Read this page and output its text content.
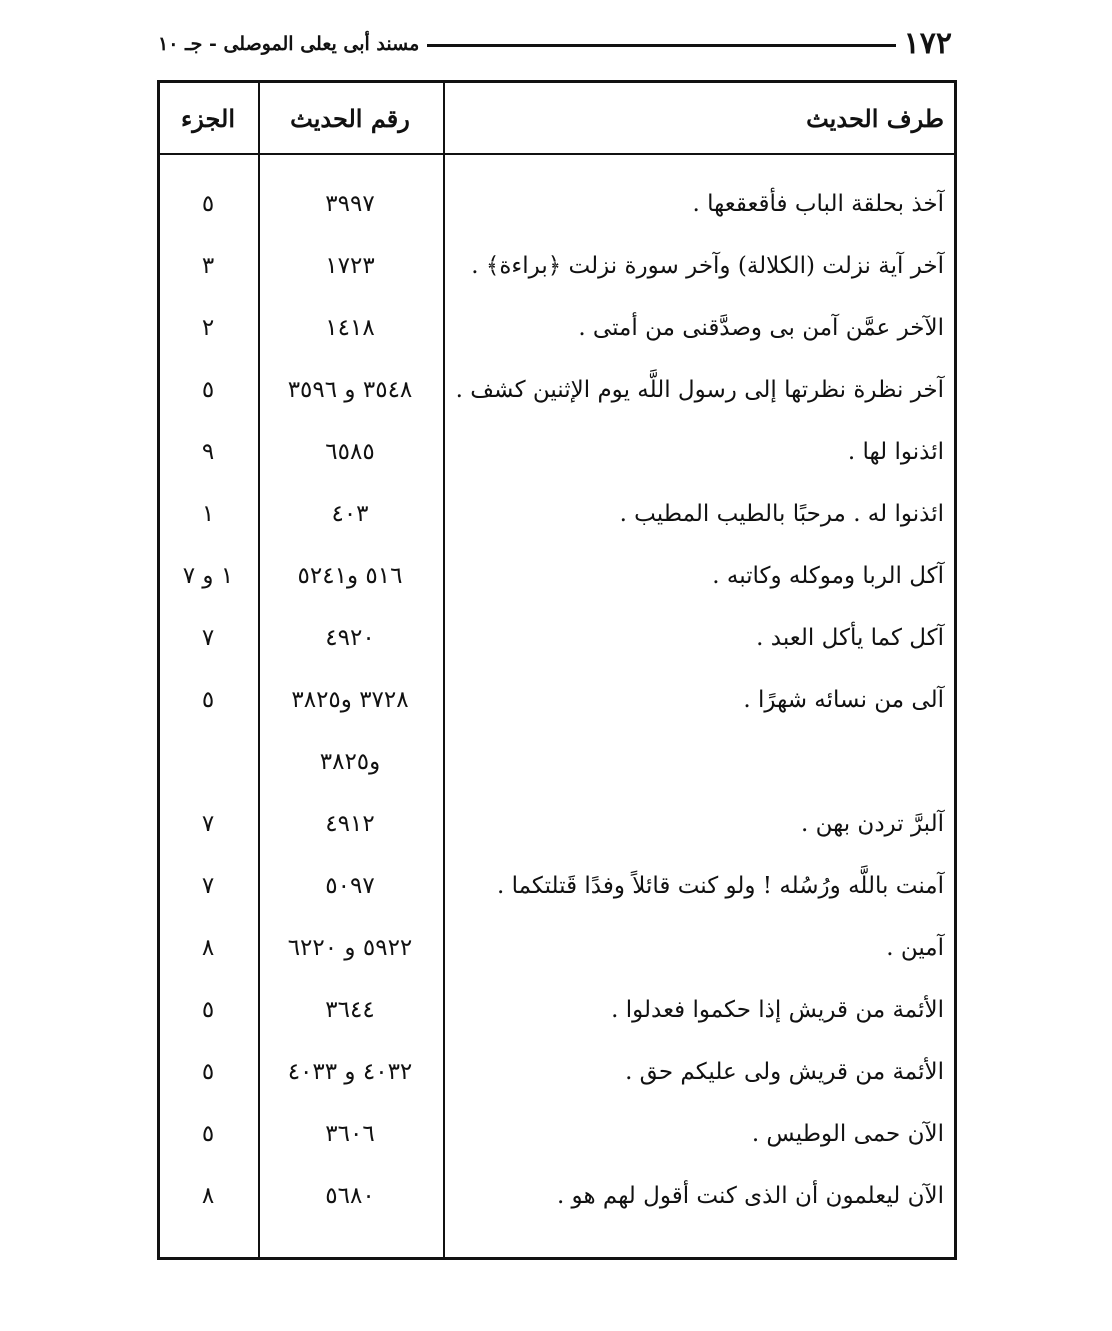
١٧٢
مسند أبى يعلى الموصلى - جـ ١٠
طرف الحديث
رقم الحديث
الجزء
آخذ بحلقة الباب فأقعقعها .
٣٩٩٧
٥
آخر آية نزلت (الكلالة) وآخر سورة نزلت ﴿براءة﴾ .
١٧٢٣
٣
الآخر عمَّن آمن بى وصدَّقنى من أمتى .
١٤١٨
٢
آخر نظرة نظرتها إلى رسول اللَّه يوم الإثنين كشف .
٣٥٤٨ و ٣٥٩٦
٥
ائذنوا لها .
٦٥٨٥
٩
ائذنوا له . مرحبًا بالطيب المطيب .
٤٠٣
١
آكل الربا وموكله وكاتبه .
٥١٦ و٥٢٤١
١ و ٧
آكل كما يأكل العبد .
٤٩٢٠
٧
آلى من نسائه شهرًا .
٣٧٢٨ و٣٨٢٥
٥
و٣٨٢٥
آلبرَّ تردن بهن .
٤٩١٢
٧
آمنت باللَّه ورُسُله ! ولو كنت قائلاً وفدًا قَتلتكما .
٥٠٩٧
٧
آمين .
٥٩٢٢ و ٦٢٢٠
٨
الأئمة من قريش إذا حكموا فعدلوا .
٣٦٤٤
٥
الأئمة من قريش ولى عليكم حق .
٤٠٣٢ و ٤٠٣٣
٥
الآن حمى الوطيس .
٣٦٠٦
٥
الآن ليعلمون أن الذى كنت أقول لهم هو .
٥٦٨٠
٨
